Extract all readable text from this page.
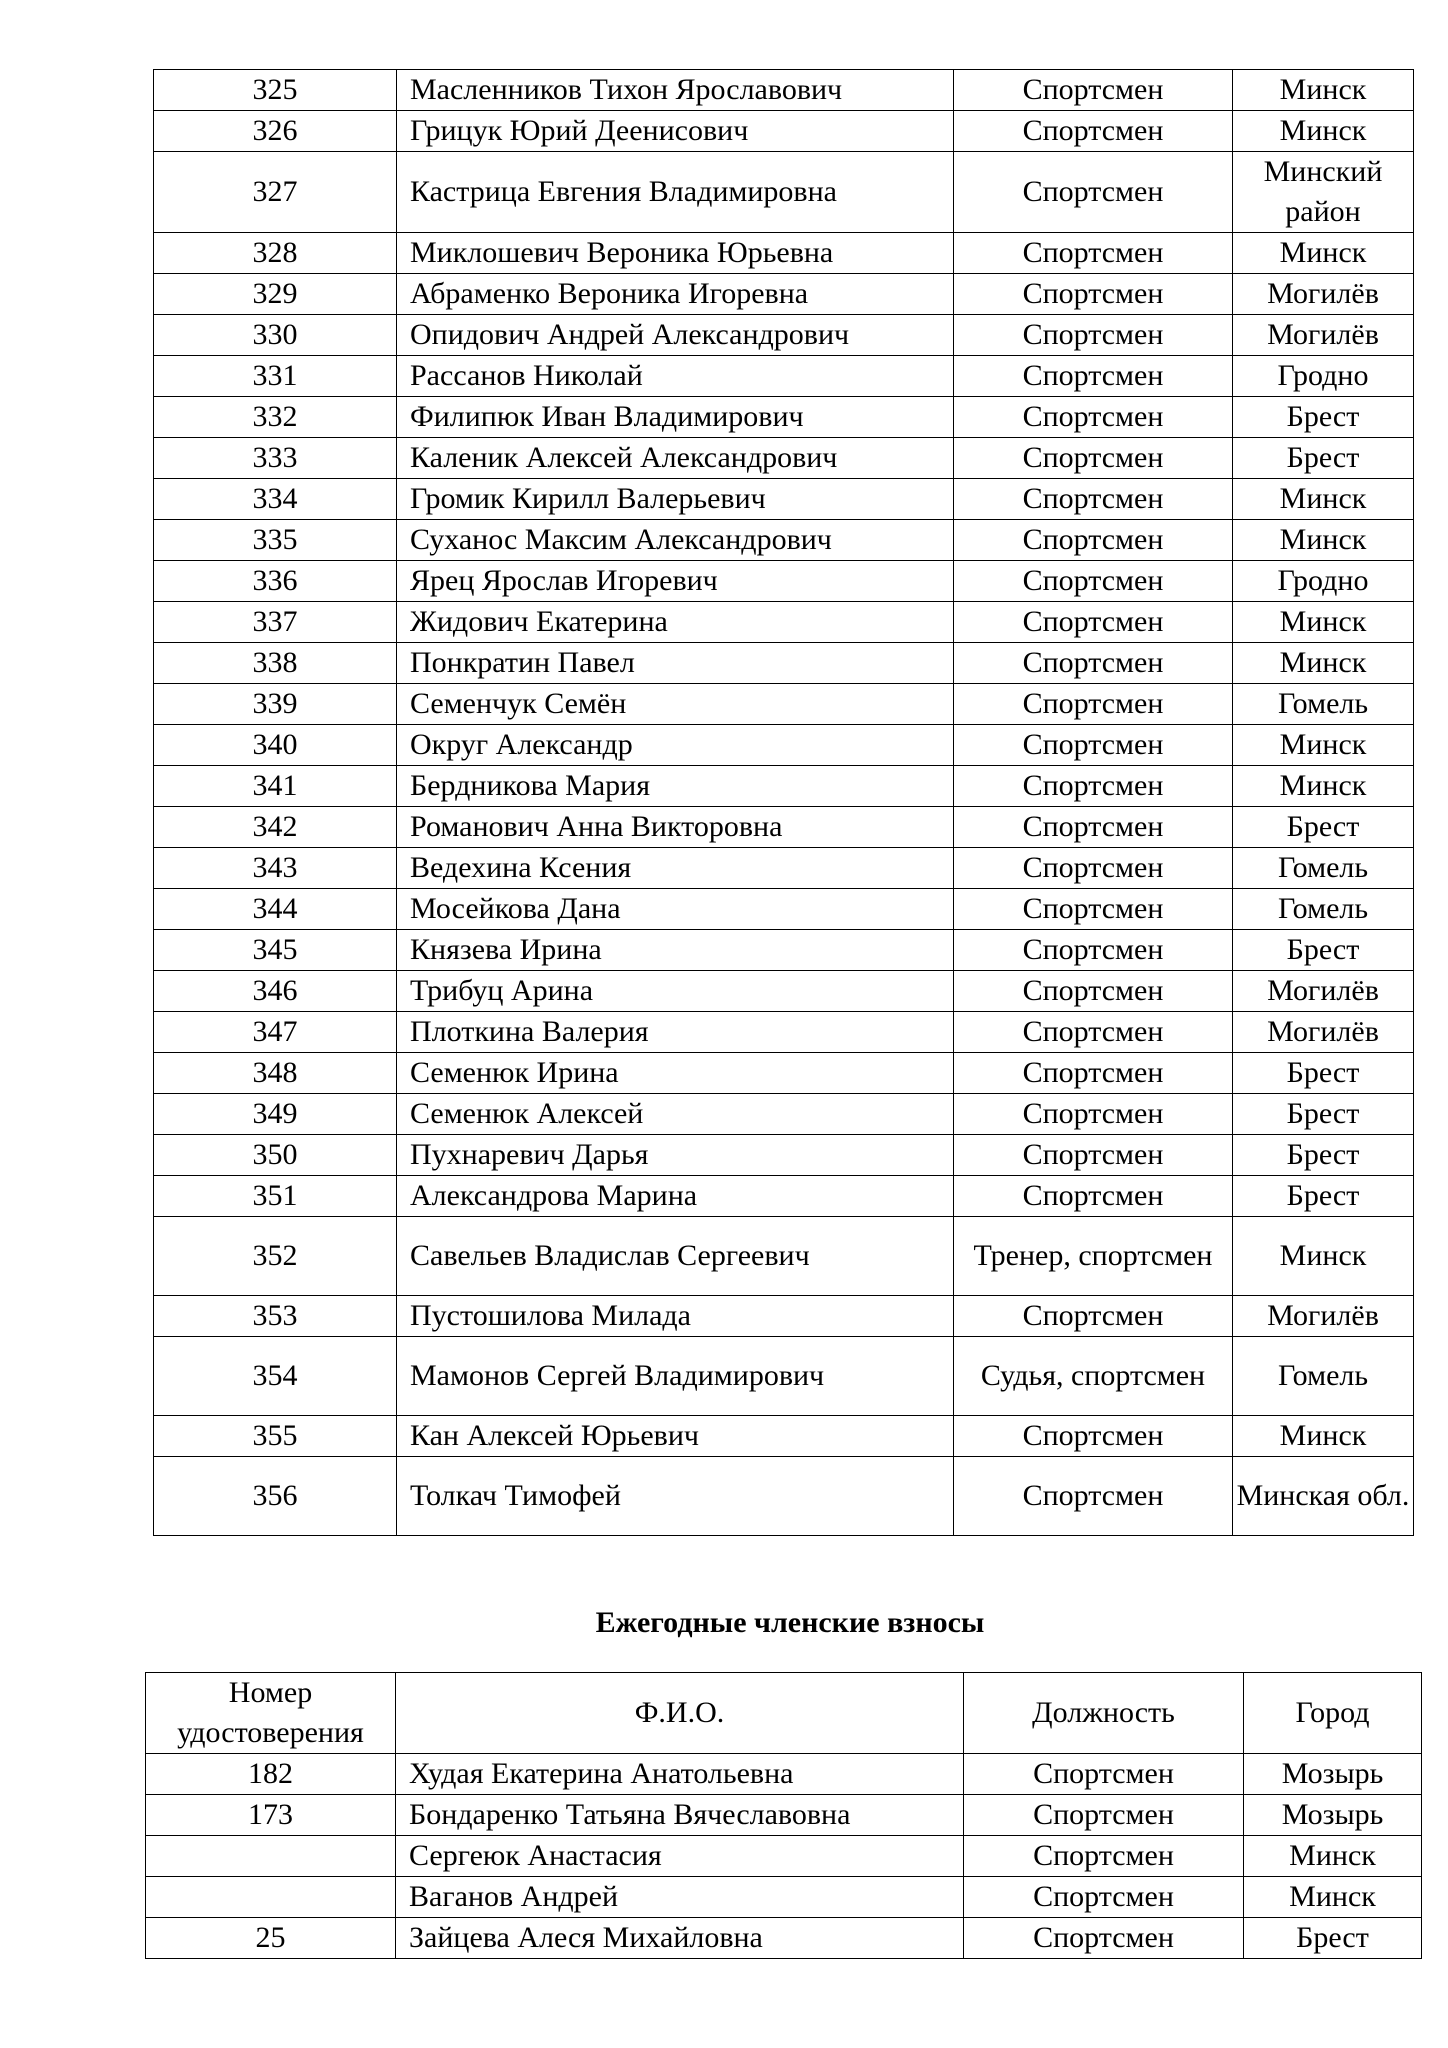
325	Масленников Тихон Ярославович	Спортсмен	Минск
326	Грицук Юрий Деенисович	Спортсмен	Минск
327	Кастрица Евгения Владимировна	Спортсмен	Минский район
328	Миклошевич Вероника Юрьевна	Спортсмен	Минск
329	Абраменко Вероника Игоревна	Спортсмен	Могилёв
330	Опидович Андрей Александрович	Спортсмен	Могилёв
331	Рассанов Николай	Спортсмен	Гродно
332	Филипюк Иван Владимирович	Спортсмен	Брест
333	Каленик Алексей Александрович	Спортсмен	Брест
334	Громик Кирилл Валерьевич	Спортсмен	Минск
335	Суханос Максим Александрович	Спортсмен	Минск
336	Ярец Ярослав Игоревич	Спортсмен	Гродно
337	Жидович Екатерина	Спортсмен	Минск
338	Понкратин Павел	Спортсмен	Минск
339	Семенчук Семён	Спортсмен	Гомель
340	Округ Александр	Спортсмен	Минск
341	Бердникова Мария	Спортсмен	Минск
342	Романович Анна Викторовна	Спортсмен	Брест
343	Ведехина Ксения	Спортсмен	Гомель
344	Мосейкова Дана	Спортсмен	Гомель
345	Князева Ирина	Спортсмен	Брест
346	Трибуц Арина	Спортсмен	Могилёв
347	Плоткина Валерия	Спортсмен	Могилёв
348	Семенюк Ирина	Спортсмен	Брест
349	Семенюк Алексей	Спортсмен	Брест
350	Пухнаревич Дарья	Спортсмен	Брест
351	Александрова Марина	Спортсмен	Брест
352	Савельев Владислав Сергеевич	Тренер, спортсмен	Минск
353	Пустошилова Милада	Спортсмен	Могилёв
354	Мамонов Сергей Владимирович	Судья, спортсмен	Гомель
355	Кан Алексей Юрьевич	Спортсмен	Минск
356	Толкач Тимофей	Спортсмен	Минская обл.
Ежегодные членские взносы
Номер удостоверения	Ф.И.О.	Должность	Город
182	Худая Екатерина Анатольевна	Спортсмен	Мозырь
173	Бондаренко Татьяна Вячеславовна	Спортсмен	Мозырь
	Сергеюк Анастасия	Спортсмен	Минск
	Ваганов Андрей	Спортсмен	Минск
25	Зайцева Алеся Михайловна	Спортсмен	Брест
